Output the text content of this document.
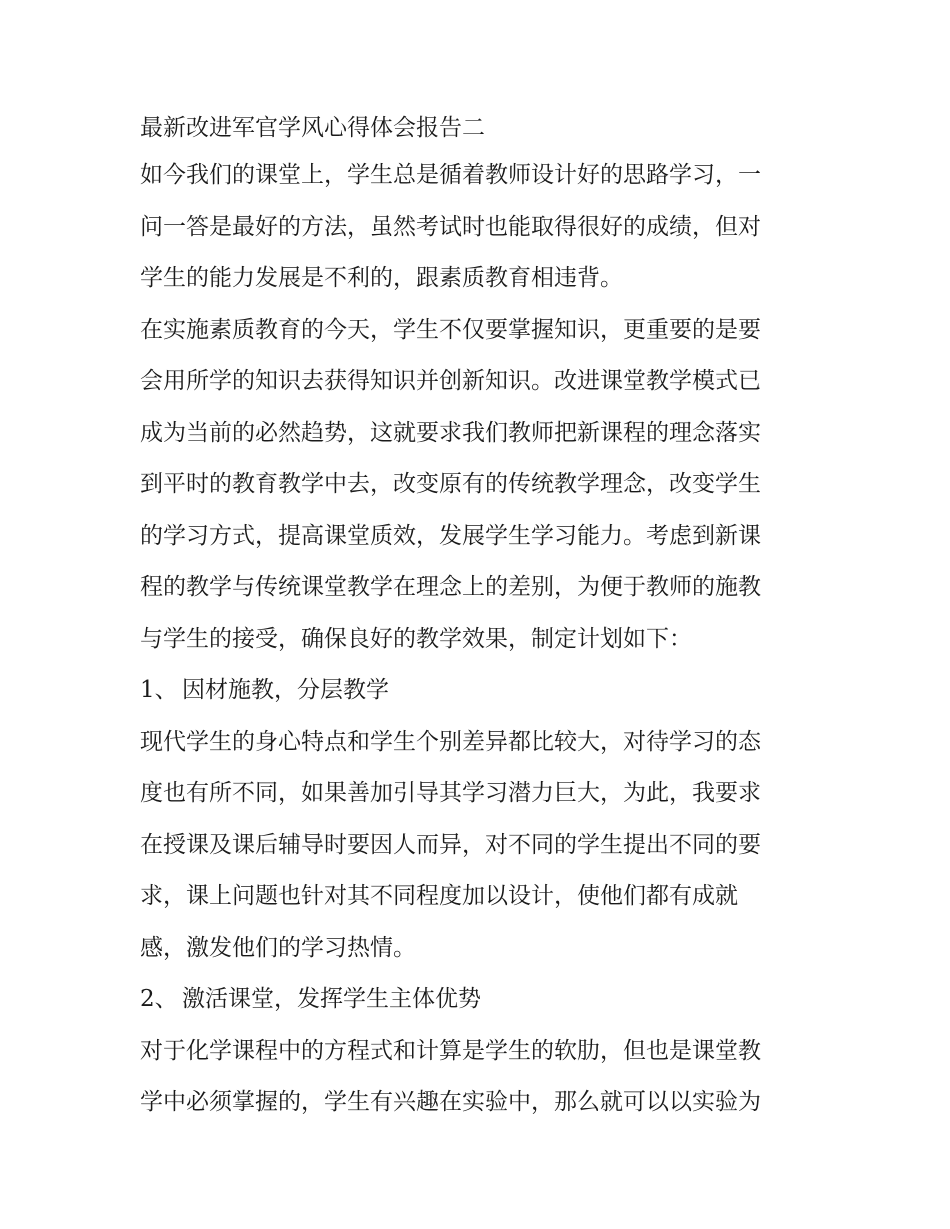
最新改进军官学风心得体会报告二

如今我们的课堂上，学生总是循着教师设计好的思路学习，一
问一答是最好的方法，虽然考试时也能取得很好的成绩，但对
学生的能力发展是不利的，跟素质教育相违背。

在实施素质教育的今天，学生不仅要掌握知识，更重要的是要
会用所学的知识去获得知识并创新知识。改进课堂教学模式已
成为当前的必然趋势，这就要求我们教师把新课程的理念落实
到平时的教育教学中去，改变原有的传统教学理念，改变学生
的学习方式，提高课堂质效，发展学生学习能力。考虑到新课
程的教学与传统课堂教学在理念上的差别，为便于教师的施教
与学生的接受，确保良好的教学效果，制定计划如下：

1、 因材施教，分层教学

现代学生的身心特点和学生个别差异都比较大，对待学习的态
度也有所不同，如果善加引导其学习潜力巨大，为此，我要求
在授课及课后辅导时要因人而异，对不同的学生提出不同的要
求，课上问题也针对其不同程度加以设计，使他们都有成就
感，激发他们的学习热情。

2、 激活课堂，发挥学生主体优势

对于化学课程中的方程式和计算是学生的软肋，但也是课堂教
学中必须掌握的，学生有兴趣在实验中，那么就可以以实验为
